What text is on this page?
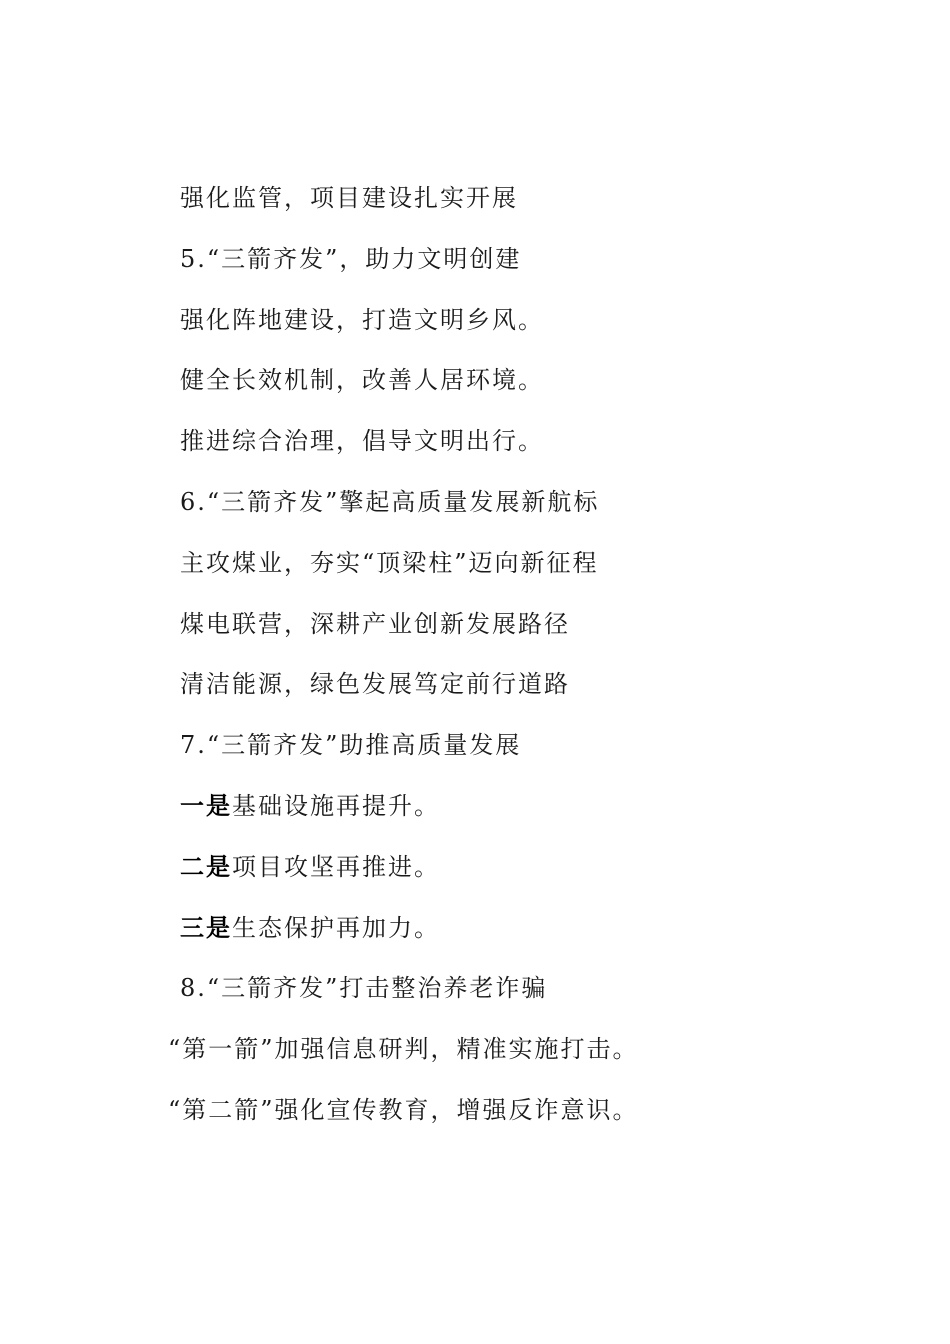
强化监管，项目建设扎实开展
5.“三箭齐发”，助力文明创建
强化阵地建设，打造文明乡风。
健全长效机制，改善人居环境。
推进综合治理，倡导文明出行。
6.“三箭齐发”擎起高质量发展新航标
主攻煤业，夯实“顶梁柱”迈向新征程
煤电联营，深耕产业创新发展路径
清洁能源，绿色发展笃定前行道路
7.“三箭齐发”助推高质量发展
一是基础设施再提升。
二是项目攻坚再推进。
三是生态保护再加力。
8.“三箭齐发”打击整治养老诈骗
“第一箭”加强信息研判，精准实施打击。
“第二箭”强化宣传教育，增强反诈意识。
